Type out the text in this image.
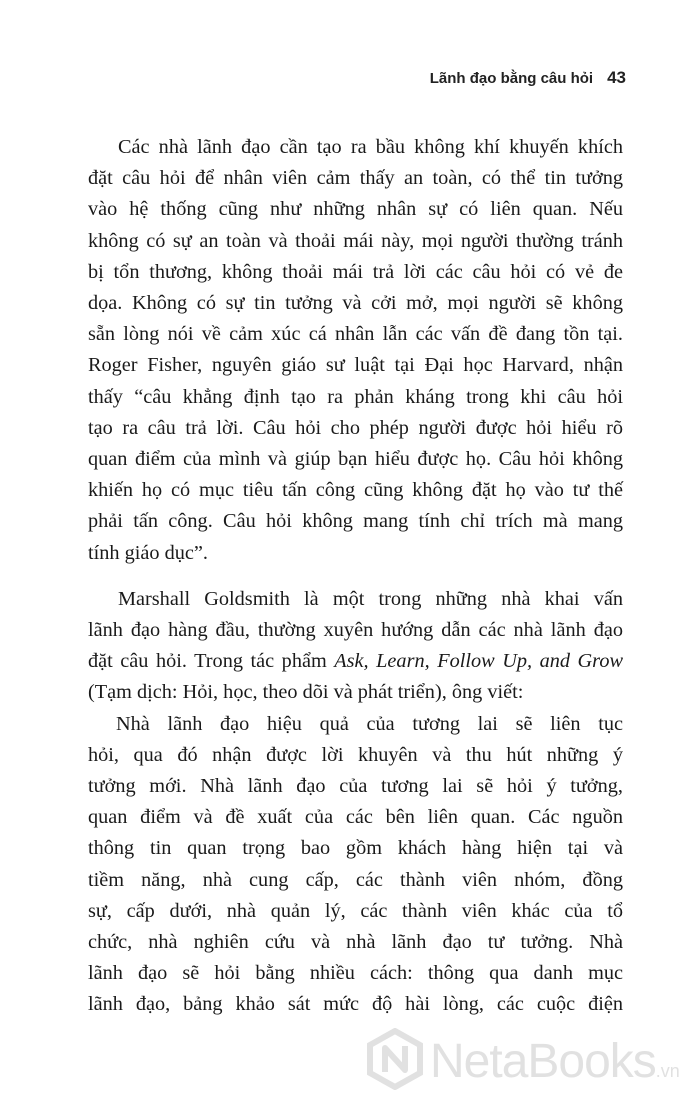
Lãnh đạo bằng câu hỏi 43

Các nhà lãnh đạo cần tạo ra bầu không khí khuyến khích
đặt câu hỏi để nhân viên cảm thấy an toàn, có thể tin tưởng
vào hệ thống cũng như những nhân sự có liên quan. Nếu
không có sự an toàn và thoải mái này, mọi người thường tránh
bị tổn thương, không thoải mái trả lời các câu hỏi có vẻ đe
dọa. Không có sự tin tưởng và cởi mở, mọi người sẽ không
sẵn lòng nói về cảm xúc cá nhân lẫn các vấn đề đang tồn tại.
Roger Fisher, nguyên giáo sư luật tại Đại học Harvard, nhận
thấy “câu khẳng định tạo ra phản kháng trong khi câu hỏi
tạo ra câu trả lời. Câu hỏi cho phép người được hỏi hiểu rõ
quan điểm của mình và giúp bạn hiểu được họ. Câu hỏi không
khiến họ có mục tiêu tấn công cũng không đặt họ vào tư thế
phải tấn công. Câu hỏi không mang tính chỉ trích mà mang
tính giáo dục”.

Marshall Goldsmith là một trong những nhà khai vấn
lãnh đạo hàng đầu, thường xuyên hướng dẫn các nhà lãnh đạo
đặt câu hỏi. Trong tác phẩm Ask, Learn, Follow Up, and Grow
(Tạm dịch: Hỏi, học, theo dõi và phát triển), ông viết:

Nhà lãnh đạo hiệu quả của tương lai sẽ liên tục
hỏi, qua đó nhận được lời khuyên và thu hút những ý
tưởng mới. Nhà lãnh đạo của tương lai sẽ hỏi ý tưởng,
quan điểm và đề xuất của các bên liên quan. Các nguồn
thông tin quan trọng bao gồm khách hàng hiện tại và
tiềm năng, nhà cung cấp, các thành viên nhóm, đồng
sự, cấp dưới, nhà quản lý, các thành viên khác của tổ
chức, nhà nghiên cứu và nhà lãnh đạo tư tưởng. Nhà
lãnh đạo sẽ hỏi bằng nhiều cách: thông qua danh mục
lãnh đạo, bảng khảo sát mức độ hài lòng, các cuộc điện

NetaBooks.vn
